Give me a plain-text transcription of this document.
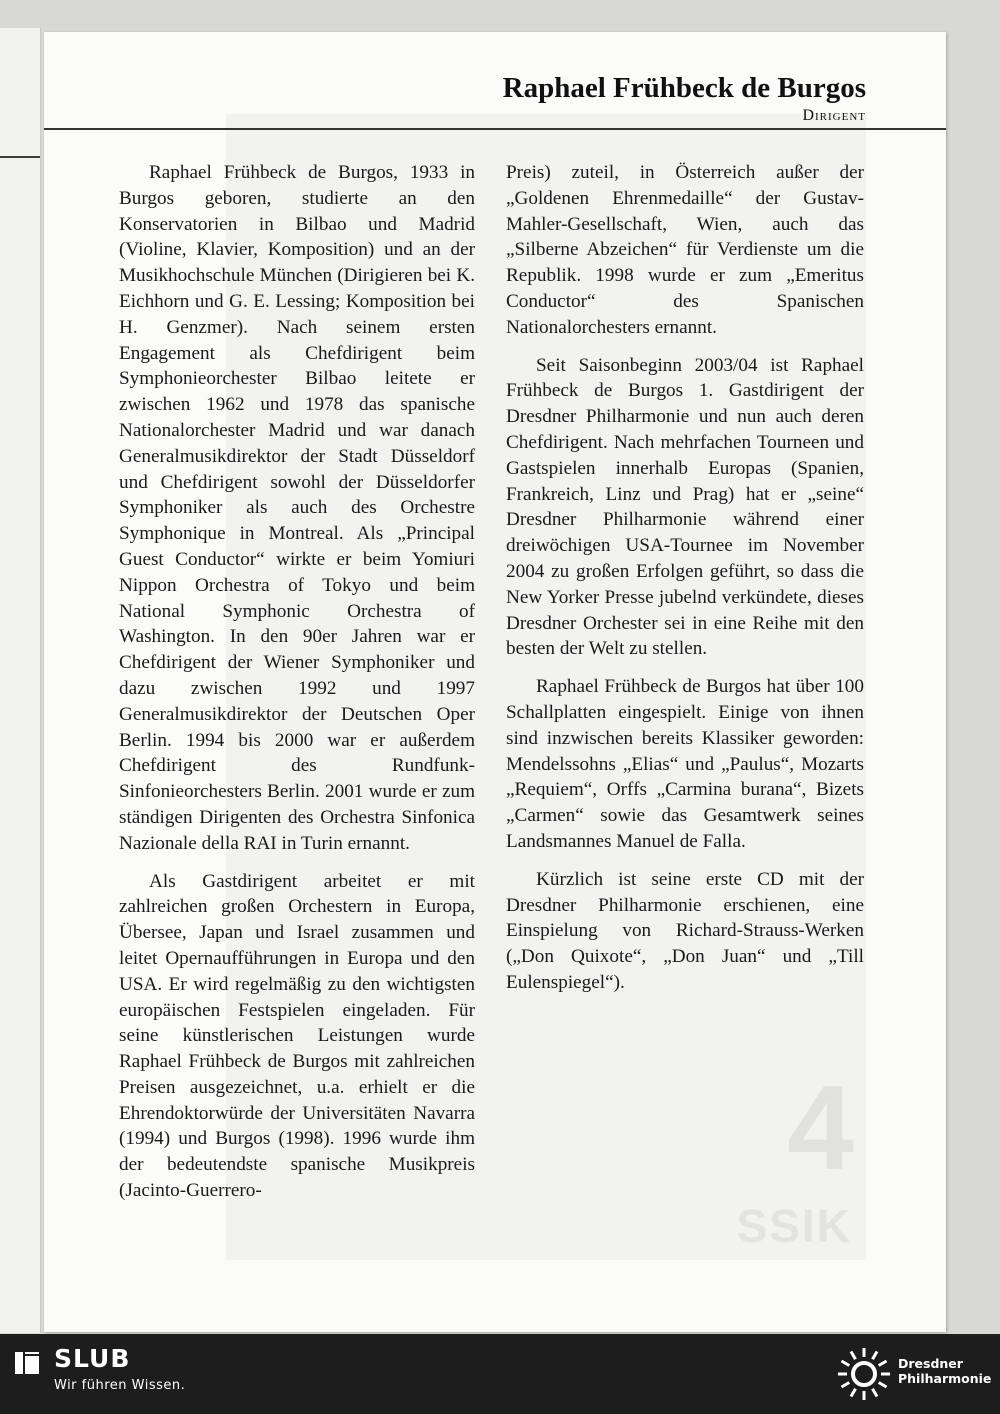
4
SSIK
Raphael Frühbeck de Burgos
Dirigent

Raphael Frühbeck de Burgos, 1933 in Burgos geboren, studierte an den Konservatorien in Bilbao und Madrid (Violine, Klavier, Komposition) und an der Musikhochschule München (Dirigieren bei K. Eichhorn und G. E. Lessing; Komposition bei H. Genzmer). Nach seinem ersten Engagement als Chefdirigent beim Symphonieorchester Bilbao leitete er zwischen 1962 und 1978 das spanische Nationalorchester Madrid und war danach Generalmusikdirektor der Stadt Düsseldorf und Chefdirigent sowohl der Düsseldorfer Symphoniker als auch des Orchestre Symphonique in Montreal. Als „Principal Guest Conductor“ wirkte er beim Yomiuri Nippon Orchestra of Tokyo und beim National Symphonic Orchestra of Washington. In den 90er Jahren war er Chefdirigent der Wiener Symphoniker und dazu zwischen 1992 und 1997 Generalmusikdirektor der Deutschen Oper Berlin. 1994 bis 2000 war er außerdem Chefdirigent des Rundfunk-Sinfonieorchesters Berlin. 2001 wurde er zum ständigen Dirigenten des Orchestra Sinfonica Nazionale della RAI in Turin ernannt.

Als Gastdirigent arbeitet er mit zahlreichen großen Orchestern in Europa, Übersee, Japan und Israel zusammen und leitet Opernaufführungen in Europa und den USA. Er wird regelmäßig zu den wichtigsten europäischen Festspielen eingeladen. Für seine künstlerischen Leistungen wurde Raphael Frühbeck de Burgos mit zahlreichen Preisen ausgezeichnet, u.a. erhielt er die Ehrendoktorwürde der Universitäten Navarra (1994) und Burgos (1998). 1996 wurde ihm der bedeutendste spanische Musikpreis (Jacinto-Guerrero-

Preis) zuteil, in Österreich außer der „Goldenen Ehrenmedaille“ der Gustav-Mahler-Gesellschaft, Wien, auch das „Silberne Abzeichen“ für Verdienste um die Republik. 1998 wurde er zum „Emeritus Conductor“ des Spanischen Nationalorchesters ernannt.

Seit Saisonbeginn 2003/04 ist Raphael Frühbeck de Burgos 1. Gastdirigent der Dresdner Philharmonie und nun auch deren Chefdirigent. Nach mehrfachen Tourneen und Gastspielen innerhalb Europas (Spanien, Frankreich, Linz und Prag) hat er „seine“ Dresdner Philharmonie während einer dreiwöchigen USA-Tournee im November 2004 zu großen Erfolgen geführt, so dass die New Yorker Presse jubelnd verkündete, dieses Dresdner Orchester sei in eine Reihe mit den besten der Welt zu stellen.

Raphael Frühbeck de Burgos hat über 100 Schallplatten eingespielt. Einige von ihnen sind inzwischen bereits Klassiker geworden: Mendelssohns „Elias“ und „Paulus“, Mozarts „Requiem“, Orffs „Carmina burana“, Bizets „Carmen“ sowie das Gesamtwerk seines Landsmannes Manuel de Falla.

Kürzlich ist seine erste CD mit der Dresdner Philharmonie erschienen, eine Einspielung von Richard-Strauss-Werken („Don Quixote“, „Don Juan“ und „Till Eulenspiegel“).

SLUB
Wir führen Wissen.
Dresdner
Philharmonie
